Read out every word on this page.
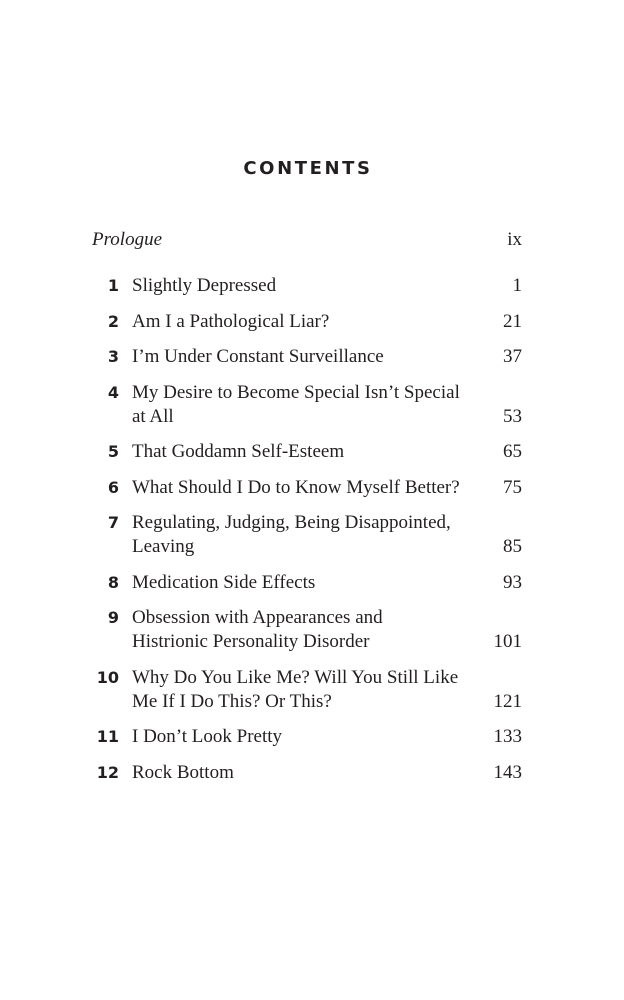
CONTENTS
Prologue	ix
1 Slightly Depressed	1
2 Am I a Pathological Liar?	21
3 I’m Under Constant Surveillance	37
4 My Desire to Become Special Isn’t Special
at All	53
5 That Goddamn Self-Esteem	65
6 What Should I Do to Know Myself Better?	75
7 Regulating, Judging, Being Disappointed,
Leaving	85
8 Medication Side Effects	93
9 Obsession with Appearances and
Histrionic Personality Disorder	101
10 Why Do You Like Me? Will You Still Like
Me If I Do This? Or This?	121
11 I Don’t Look Pretty	133
12 Rock Bottom	143
